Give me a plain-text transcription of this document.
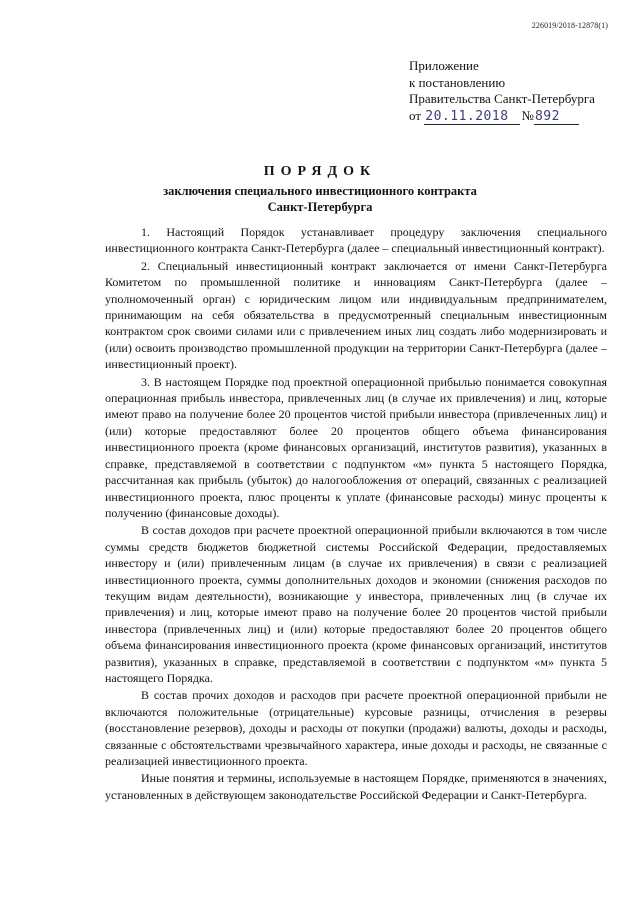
226019/2018-12878(1)
Приложение
к постановлению
Правительства Санкт-Петербурга
от 20.11.2018 №892
ПОРЯДОК
заключения специального инвестиционного контракта
Санкт-Петербурга

1. Настоящий Порядок устанавливает процедуру заключения специального инвестиционного контракта Санкт-Петербурга (далее – специальный инвестиционный контракт).

2. Специальный инвестиционный контракт заключается от имени Санкт-Петербурга Комитетом по промышленной политике и инновациям Санкт-Петербурга (далее – уполномоченный орган) с юридическим лицом или индивидуальным предпринимателем, принимающим на себя обязательства в предусмотренный специальным инвестиционным контрактом срок своими силами или с привлечением иных лиц создать либо модернизировать и (или) освоить производство промышленной продукции на территории Санкт-Петербурга (далее – инвестиционный проект).

3. В настоящем Порядке под проектной операционной прибылью понимается совокупная операционная прибыль инвестора, привлеченных лиц (в случае их привлечения) и лиц, которые имеют право на получение более 20 процентов чистой прибыли инвестора (привлеченных лиц) и (или) которые предоставляют более 20 процентов общего объема финансирования инвестиционного проекта (кроме финансовых организаций, институтов развития), указанных в справке, представляемой в соответствии с подпунктом «м» пункта 5 настоящего Порядка, рассчитанная как прибыль (убыток) до налогообложения от операций, связанных с реализацией инвестиционного проекта, плюс проценты к уплате (финансовые расходы) минус проценты к получению (финансовые доходы).

В состав доходов при расчете проектной операционной прибыли включаются в том числе суммы средств бюджетов бюджетной системы Российской Федерации, предоставляемых инвестору и (или) привлеченным лицам (в случае их привлечения) в связи с реализацией инвестиционного проекта, суммы дополнительных доходов и экономии (снижения расходов по текущим видам деятельности), возникающие у инвестора, привлеченных лиц (в случае их привлечения) и лиц, которые имеют право на получение более 20 процентов чистой прибыли инвестора (привлеченных лиц) и (или) которые предоставляют более 20 процентов общего объема финансирования инвестиционного проекта (кроме финансовых организаций, институтов развития), указанных в справке, представляемой в соответствии с подпунктом «м» пункта 5 настоящего Порядка.

В состав прочих доходов и расходов при расчете проектной операционной прибыли не включаются положительные (отрицательные) курсовые разницы, отчисления в резервы (восстановление резервов), доходы и расходы от покупки (продажи) валюты, доходы и расходы, связанные с обстоятельствами чрезвычайного характера, иные доходы и расходы, не связанные с реализацией инвестиционного проекта.

Иные понятия и термины, используемые в настоящем Порядке, применяются в значениях, установленных в действующем законодательстве Российской Федерации и Санкт-Петербурга.
